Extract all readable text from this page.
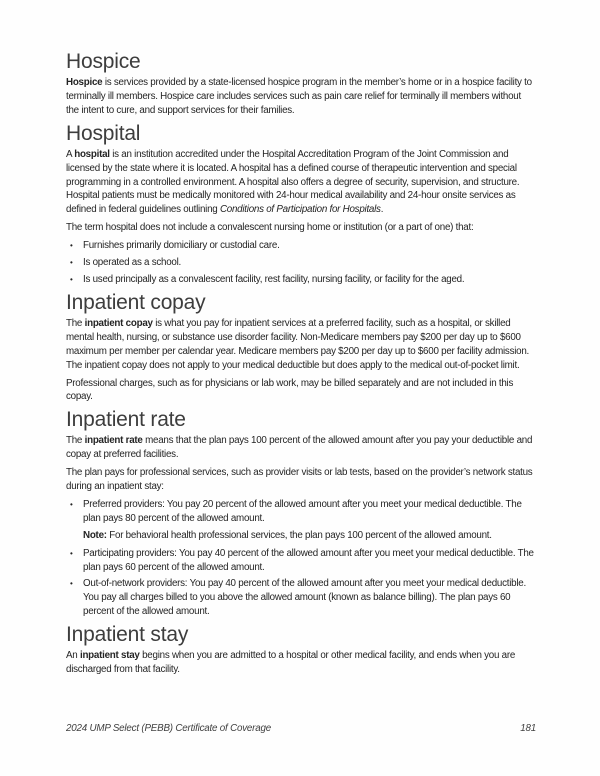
Hospice

Hospice is services provided by a state-licensed hospice program in the member’s home or in a hospice facility to terminally ill members. Hospice care includes services such as pain care relief for terminally ill members without the intent to cure, and support services for their families.

Hospital

A hospital is an institution accredited under the Hospital Accreditation Program of the Joint Commission and licensed by the state where it is located. A hospital has a defined course of therapeutic intervention and special programming in a controlled environment. A hospital also offers a degree of security, supervision, and structure. Hospital patients must be medically monitored with 24-hour medical availability and 24-hour onsite services as defined in federal guidelines outlining Conditions of Participation for Hospitals.

The term hospital does not include a convalescent nursing home or institution (or a part of one) that:

•	Furnishes primarily domiciliary or custodial care.
•	Is operated as a school.
•	Is used principally as a convalescent facility, rest facility, nursing facility, or facility for the aged.
Inpatient copay

The inpatient copay is what you pay for inpatient services at a preferred facility, such as a hospital, or skilled mental health, nursing, or substance use disorder facility. Non-Medicare members pay $200 per day up to $600 maximum per member per calendar year. Medicare members pay $200 per day up to $600 per facility admission. The inpatient copay does not apply to your medical deductible but does apply to the medical out-of-pocket limit.

Professional charges, such as for physicians or lab work, may be billed separately and are not included in this copay.

Inpatient rate

The inpatient rate means that the plan pays 100 percent of the allowed amount after you pay your deductible and copay at preferred facilities.

The plan pays for professional services, such as provider visits or lab tests, based on the provider’s network status during an inpatient stay:

•	Preferred providers: You pay 20 percent of the allowed amount after you meet your medical deductible. The plan pays 80 percent of the allowed amount.
Note: For behavioral health professional services, the plan pays 100 percent of the allowed amount.
•	Participating providers: You pay 40 percent of the allowed amount after you meet your medical deductible. The plan pays 60 percent of the allowed amount.
•	Out-of-network providers: You pay 40 percent of the allowed amount after you meet your medical deductible. You pay all charges billed to you above the allowed amount (known as balance billing). The plan pays 60 percent of the allowed amount.
Inpatient stay

An inpatient stay begins when you are admitted to a hospital or other medical facility, and ends when you are discharged from that facility.

2024 UMP Select (PEBB) Certificate of Coverage	181
